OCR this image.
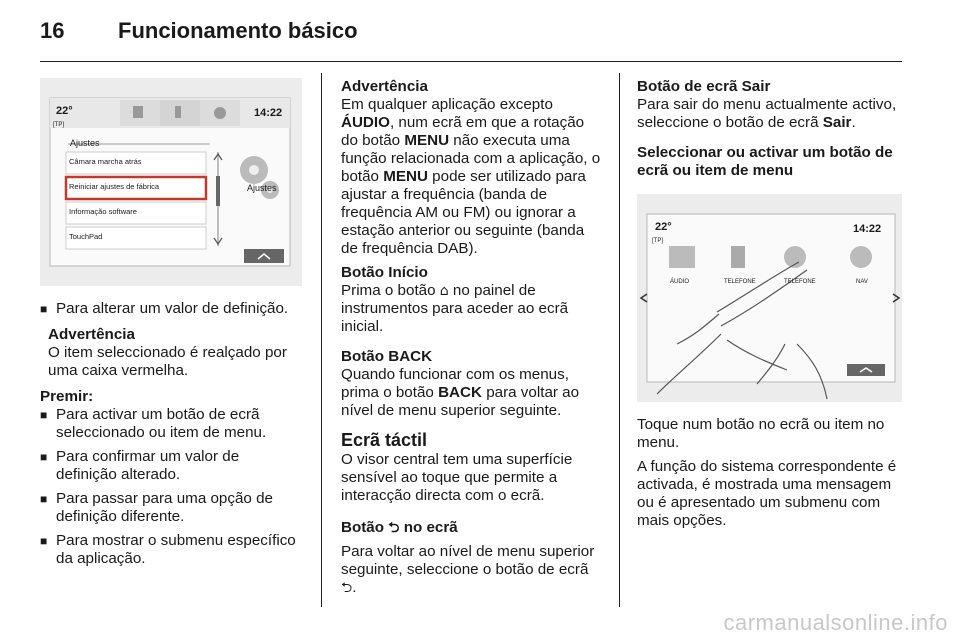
16 Funcionamento básico
22°
[TP]
14:22
Ajustes
Câmara marcha atrás
Reiniciar ajustes de fábrica
Informação software
TouchPad
Ajustes
■ Para alterar um valor de definição.
Advertência
O item seleccionado é realçado por uma caixa vermelha.
Premir:
■ Para activar um botão de ecrã seleccionado ou item de menu.
■ Para confirmar um valor de definição alterado.
■ Para passar para uma opção de definição diferente.
■ Para mostrar o submenu específico da aplicação.
Advertência

Em qualquer aplicação excepto ÁUDIO, num ecrã em que a rotação do botão MENU não executa uma função relacionada com a aplicação, o botão MENU pode ser utilizado para ajustar a frequência (banda de frequência AM ou FM) ou ignorar a estação anterior ou seguinte (banda de frequência DAB).

Botão Início

Prima o botão ⌂ no painel de instrumentos para aceder ao ecrã inicial.

Botão BACK

Quando funcionar com os menus, prima o botão BACK para voltar ao nível de menu superior seguinte.

Ecrã táctil

O visor central tem uma superfície sensível ao toque que permite a interacção directa com o ecrã.

Botão ⮌ no ecrã

Para voltar ao nível de menu superior seguinte, seleccione o botão de ecrã ⮌.

Botão de ecrã Sair

Para sair do menu actualmente activo, seleccione o botão de ecrã Sair.

Seleccionar ou activar um botão de ecrã ou item de menu
22°
[TP]
14:22
ÁUDIO	TELEFONE	TELEFONE	NAV

Toque num botão no ecrã ou item no menu.

A função do sistema correspondente é activada, é mostrada uma mensagem ou é apresentado um submenu com mais opções.

carmanualsonline.info
